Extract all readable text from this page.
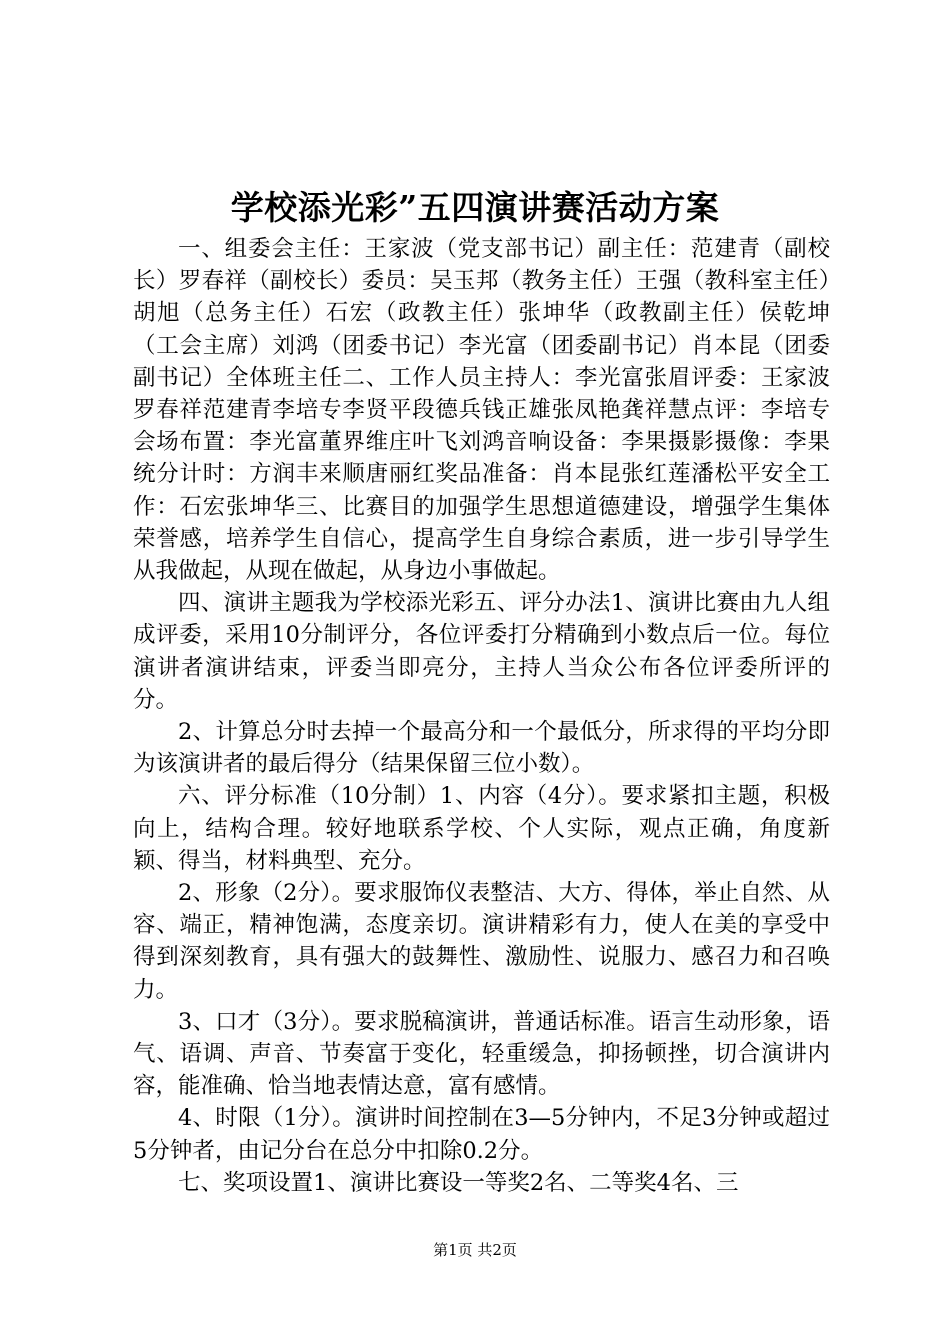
学校添光彩”五四演讲赛活动方案

一、组委会主任：王家波（党支部书记）副主任：范建青（副校长）罗春祥（副校长）委员：吴玉邦（教务主任）王强（教科室主任）胡旭（总务主任）石宏（政教主任）张坤华（政教副主任）侯乾坤（工会主席）刘鸿（团委书记）李光富（团委副书记）肖本昆（团委副书记）全体班主任二、工作人员主持人：李光富张眉评委：王家波罗春祥范建青李培专李贤平段德兵钱正雄张凤艳龚祥慧点评：李培专会场布置：李光富董界维庄叶飞刘鸿音响设备：李果摄影摄像：李果统分计时：方润丰来顺唐丽红奖品准备：肖本昆张红莲潘松平安全工作：石宏张坤华三、比赛目的加强学生思想道德建设，增强学生集体荣誉感，培养学生自信心，提高学生自身综合素质，进一步引导学生从我做起，从现在做起，从身边小事做起。

四、演讲主题我为学校添光彩五、评分办法1、演讲比赛由九人组成评委，采用10分制评分，各位评委打分精确到小数点后一位。每位演讲者演讲结束，评委当即亮分，主持人当众公布各位评委所评的分。

2、计算总分时去掉一个最高分和一个最低分，所求得的平均分即为该演讲者的最后得分（结果保留三位小数）。

六、评分标准（10分制）1、内容（4分）。要求紧扣主题，积极向上，结构合理。较好地联系学校、个人实际，观点正确，角度新颖、得当，材料典型、充分。

2、形象（2分）。要求服饰仪表整洁、大方、得体，举止自然、从容、端正，精神饱满，态度亲切。演讲精彩有力，使人在美的享受中得到深刻教育，具有强大的鼓舞性、激励性、说服力、感召力和召唤力。

3、口才（3分）。要求脱稿演讲，普通话标准。语言生动形象，语气、语调、声音、节奏富于变化，轻重缓急，抑扬顿挫，切合演讲内容，能准确、恰当地表情达意，富有感情。

4、时限（1分）。演讲时间控制在3—5分钟内，不足3分钟或超过5分钟者，由记分台在总分中扣除0.2分。

七、奖项设置1、演讲比赛设一等奖2名、二等奖4名、三

第1页 共2页
